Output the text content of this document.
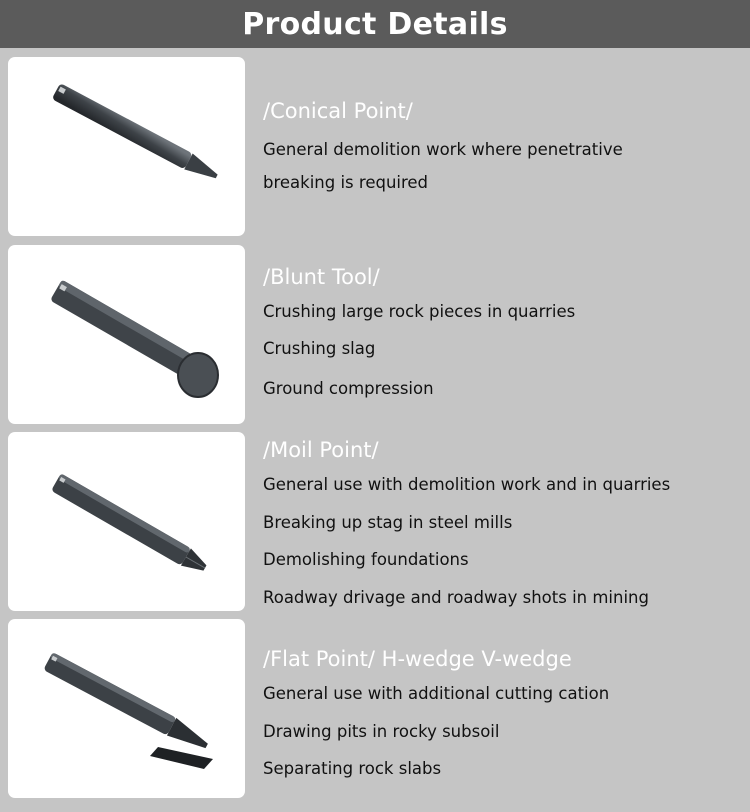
Product Details
/Conical Point/
General demolition work where penetrative
breaking is required
/Blunt Tool/
Crushing large rock pieces in quarries
Crushing slag
Ground compression
/Moil Point/
General use with demolition work and in quarries
Breaking up stag in steel mills
Demolishing foundations
Roadway drivage and roadway shots in mining
/Flat Point/ H-wedge V-wedge
General use with additional cutting cation
Drawing pits in rocky subsoil
Separating rock slabs
